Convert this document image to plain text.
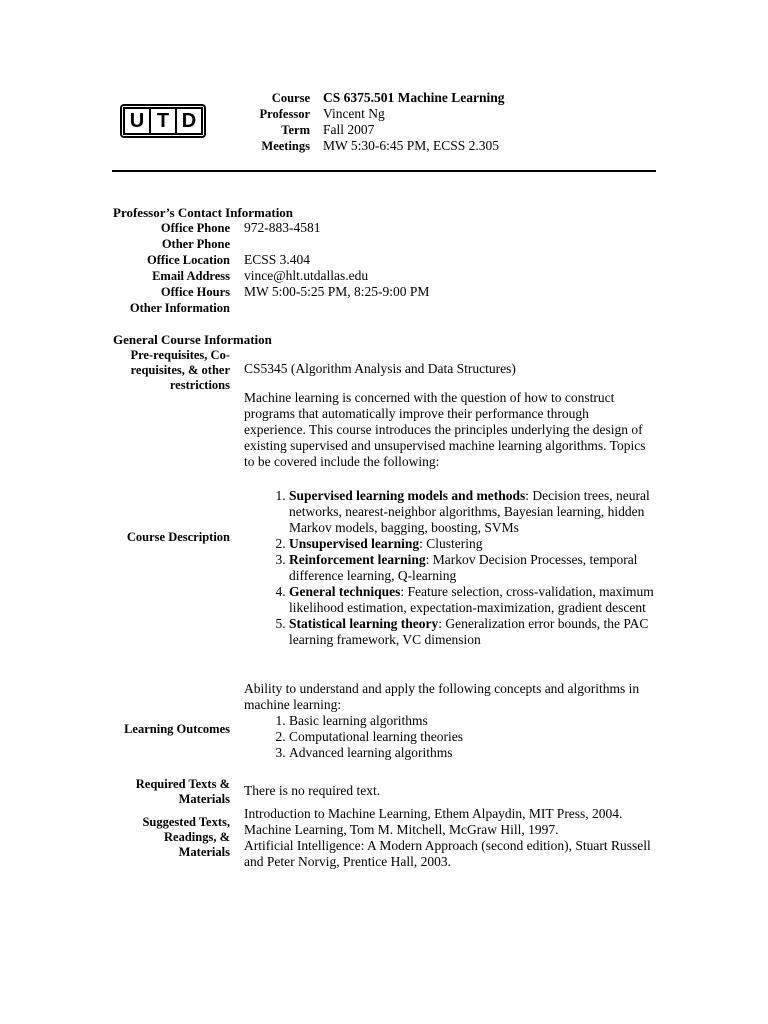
U T D
Course CS 6375.501 Machine Learning
Professor Vincent Ng
Term Fall 2007
Meetings MW 5:30-6:45 PM, ECSS 2.305
Professor’s Contact Information
Office Phone 972-883-4581
Other Phone
Office Location ECSS 3.404
Email Address vince@hlt.utdallas.edu
Office Hours MW 5:00-5:25 PM, 8:25-9:00 PM
Other Information
General Course Information
Pre-requisites, Co-
requisites, & other
restrictions
CS5345 (Algorithm Analysis and Data Structures)
Machine learning is concerned with the question of how to construct programs that automatically improve their performance through experience. This course introduces the principles underlying the design of existing supervised and unsupervised machine learning algorithms. Topics to be covered include the following:
Course Description
1. Supervised learning models and methods: Decision trees, neural networks, nearest-neighbor algorithms, Bayesian learning, hidden Markov models, bagging, boosting, SVMs
2. Unsupervised learning: Clustering
3. Reinforcement learning: Markov Decision Processes, temporal difference learning, Q-learning
4. General techniques: Feature selection, cross-validation, maximum likelihood estimation, expectation-maximization, gradient descent
5. Statistical learning theory: Generalization error bounds, the PAC learning framework, VC dimension
Ability to understand and apply the following concepts and algorithms in machine learning:
Learning Outcomes
1. Basic learning algorithms
2. Computational learning theories
3. Advanced learning algorithms
Required Texts &
Materials
There is no required text.
Suggested Texts,
Readings, &
Materials
Introduction to Machine Learning, Ethem Alpaydin, MIT Press, 2004.
Machine Learning, Tom M. Mitchell, McGraw Hill, 1997.
Artificial Intelligence: A Modern Approach (second edition), Stuart Russell and Peter Norvig, Prentice Hall, 2003.
